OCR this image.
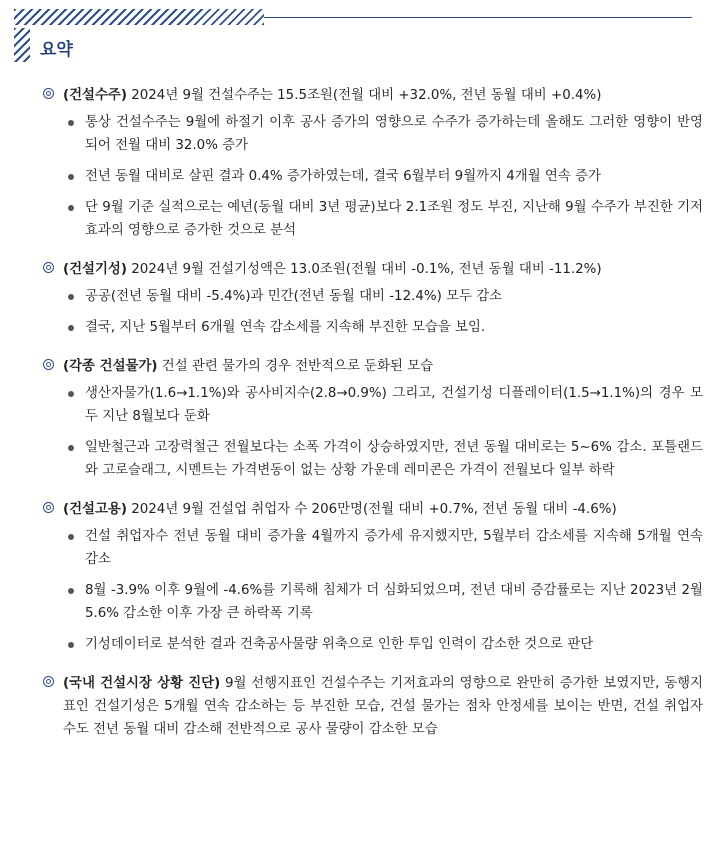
요약
(건설수주) 2024년 9월 건설수주는 15.5조원(전월 대비 +32.0%, 전년 동월 대비 +0.4%)
통상 건설수주는 9월에 하절기 이후 공사 증가의 영향으로 수주가 증가하는데 올해도 그러한 영향이 반영되어 전월 대비 32.0% 증가
전년 동월 대비로 살핀 결과 0.4% 증가하였는데, 결국 6월부터 9월까지 4개월 연속 증가
단 9월 기준 실적으로는 예년(동월 대비 3년 평균)보다 2.1조원 정도 부진, 지난해 9월 수주가 부진한 기저효과의 영향으로 증가한 것으로 분석
(건설기성) 2024년 9월 건설기성액은 13.0조원(전월 대비 -0.1%, 전년 동월 대비 -11.2%)
공공(전년 동월 대비 -5.4%)과 민간(전년 동월 대비 -12.4%) 모두 감소
결국, 지난 5월부터 6개월 연속 감소세를 지속해 부진한 모습을 보임.
(각종 건설물가) 건설 관련 물가의 경우 전반적으로 둔화된 모습
생산자물가(1.6→1.1%)와 공사비지수(2.8→0.9%) 그리고, 건설기성 디플레이터(1.5→1.1%)의 경우 모두 지난 8월보다 둔화
일반철근과 고장력철근 전월보다는 소폭 가격이 상승하였지만, 전년 동월 대비로는 5~6% 감소. 포틀랜드와 고로슬래그, 시멘트는 가격변동이 없는 상황 가운데 레미콘은 가격이 전월보다 일부 하락
(건설고용) 2024년 9월 건설업 취업자 수 206만명(전월 대비 +0.7%, 전년 동월 대비 -4.6%)
건설 취업자수 전년 동월 대비 증가율 4월까지 증가세 유지했지만, 5월부터 감소세를 지속해 5개월 연속 감소
8월 -3.9% 이후 9월에 -4.6%를 기록해 침체가 더 심화되었으며, 전년 대비 증감률로는 지난 2023년 2월 5.6% 감소한 이후 가장 큰 하락폭 기록
기성데이터로 분석한 결과 건축공사물량 위축으로 인한 투입 인력이 감소한 것으로 판단
(국내 건설시장 상황 진단) 9월 선행지표인 건설수주는 기저효과의 영향으로 완만히 증가한 보였지만, 동행지표인 건설기성은 5개월 연속 감소하는 등 부진한 모습, 건설 물가는 점차 안정세를 보이는 반면, 건설 취업자 수도 전년 동월 대비 감소해 전반적으로 공사 물량이 감소한 모습
